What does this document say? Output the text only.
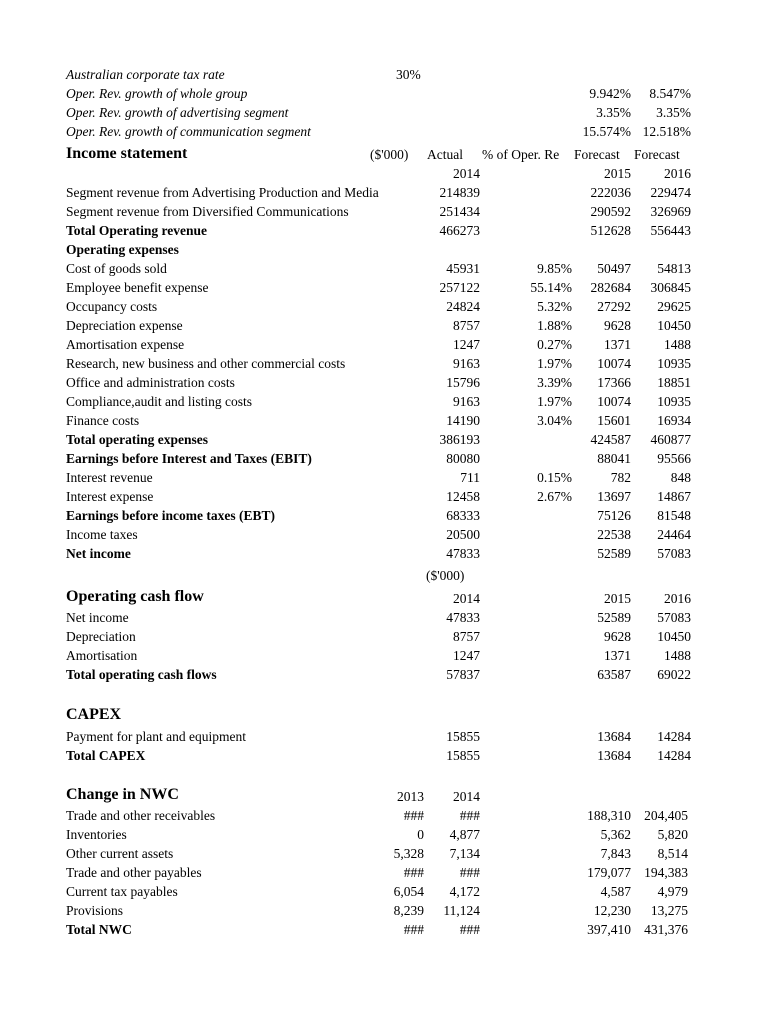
Australian corporate tax rate	30%
Oper. Rev. growth of whole group	9.942% 8.547%
Oper. Rev. growth of advertising segment	3.35% 3.35%
Oper. Rev. growth of communication segment	15.574% 12.518%
Income statement	($'000) Actual % of Oper. Re	Forecast Forecast
2014	2015 2016
Segment revenue from Advertising Production and Media	214839	222036 229474
Segment revenue from Diversified Communications	251434	290592 326969
Total Operating revenue	466273	512628 556443
Operating expenses
Cost of goods sold	45931	9.85% 50497 54813
Employee benefit expense	257122	55.14% 282684 306845
Occupancy costs	24824	5.32% 27292 29625
Depreciation expense	8757	1.88% 9628 10450
Amortisation expense	1247	0.27% 1371 1488
Research, new business and other commercial costs	9163	1.97% 10074 10935
Office and administration costs	15796	3.39% 17366 18851
Compliance,audit and listing costs	9163	1.97% 10074 10935
Finance costs	14190	3.04% 15601 16934
Total operating expenses	386193	424587 460877
Earnings before Interest and Taxes (EBIT)	80080	88041 95566
Interest revenue	711	0.15%	782	848
Interest expense	12458	2.67% 13697 14867
Earnings before income taxes (EBT)	68333	75126 81548
Income taxes	20500	22538 24464
Net income	47833	52589 57083
($'000)
Operating cash flow	2014	2015 2016
Net income	47833	52589 57083
Depreciation	8757	9628 10450
Amortisation	1247	1371 1488
Total operating cash flows	57837	63587 69022
CAPEX
Payment for plant and equipment	15855	13684 14284
Total CAPEX	15855	13684 14284
Change in NWC	2013 2014
Trade and other receivables	###	###	188,310 204,405
Inventories	0 4,877	5,362 5,820
Other current assets	5,328 7,134	7,843 8,514
Trade and other payables	###	###	179,077 194,383
Current tax payables	6,054 4,172	4,587 4,979
Provisions	8,239 11,124	12,230 13,275
Total NWC	###	###	397,410 431,376
